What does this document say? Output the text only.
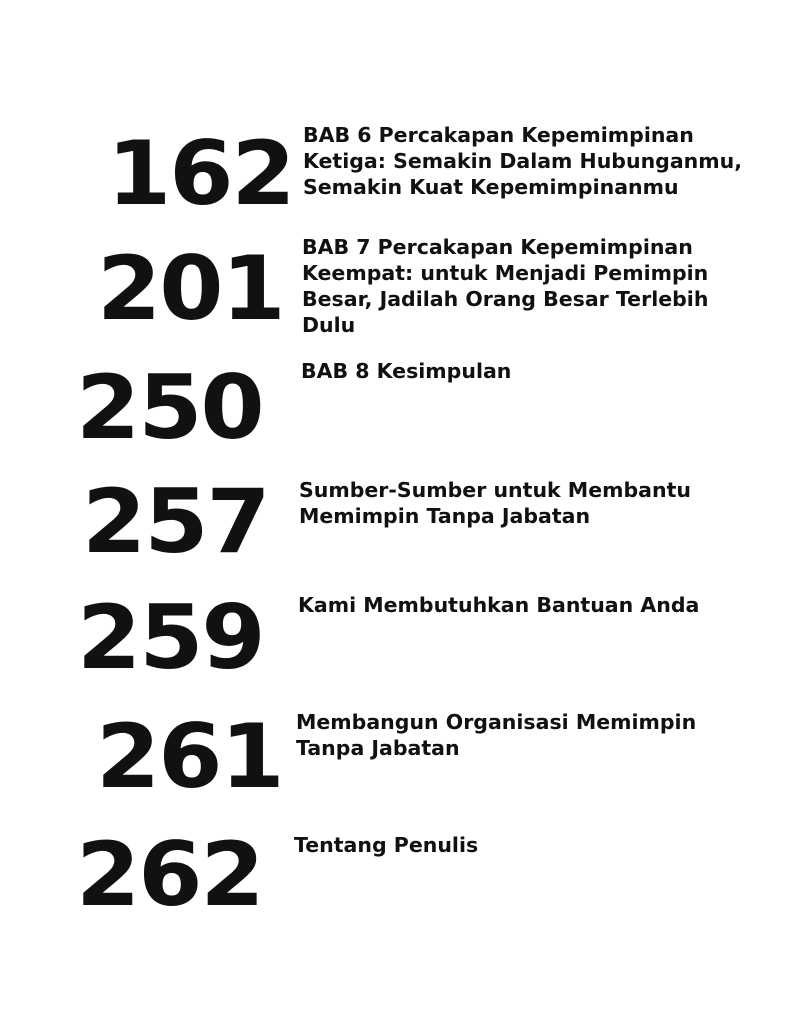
162 BAB 6 Percakapan Kepemimpinan
Ketiga: Semakin Dalam Hubunganmu,
Semakin Kuat Kepemimpinanmu
201 BAB 7 Percakapan Kepemimpinan
Keempat: untuk Menjadi Pemimpin
Besar, Jadilah Orang Besar Terlebih
Dulu
250	BAB 8 Kesimpulan
257	Sumber-Sumber untuk Membantu
Memimpin Tanpa Jabatan
259	Kami Membutuhkan Bantuan Anda
261 Membangun Organisasi Memimpin
Tanpa Jabatan
262	Tentang Penulis
